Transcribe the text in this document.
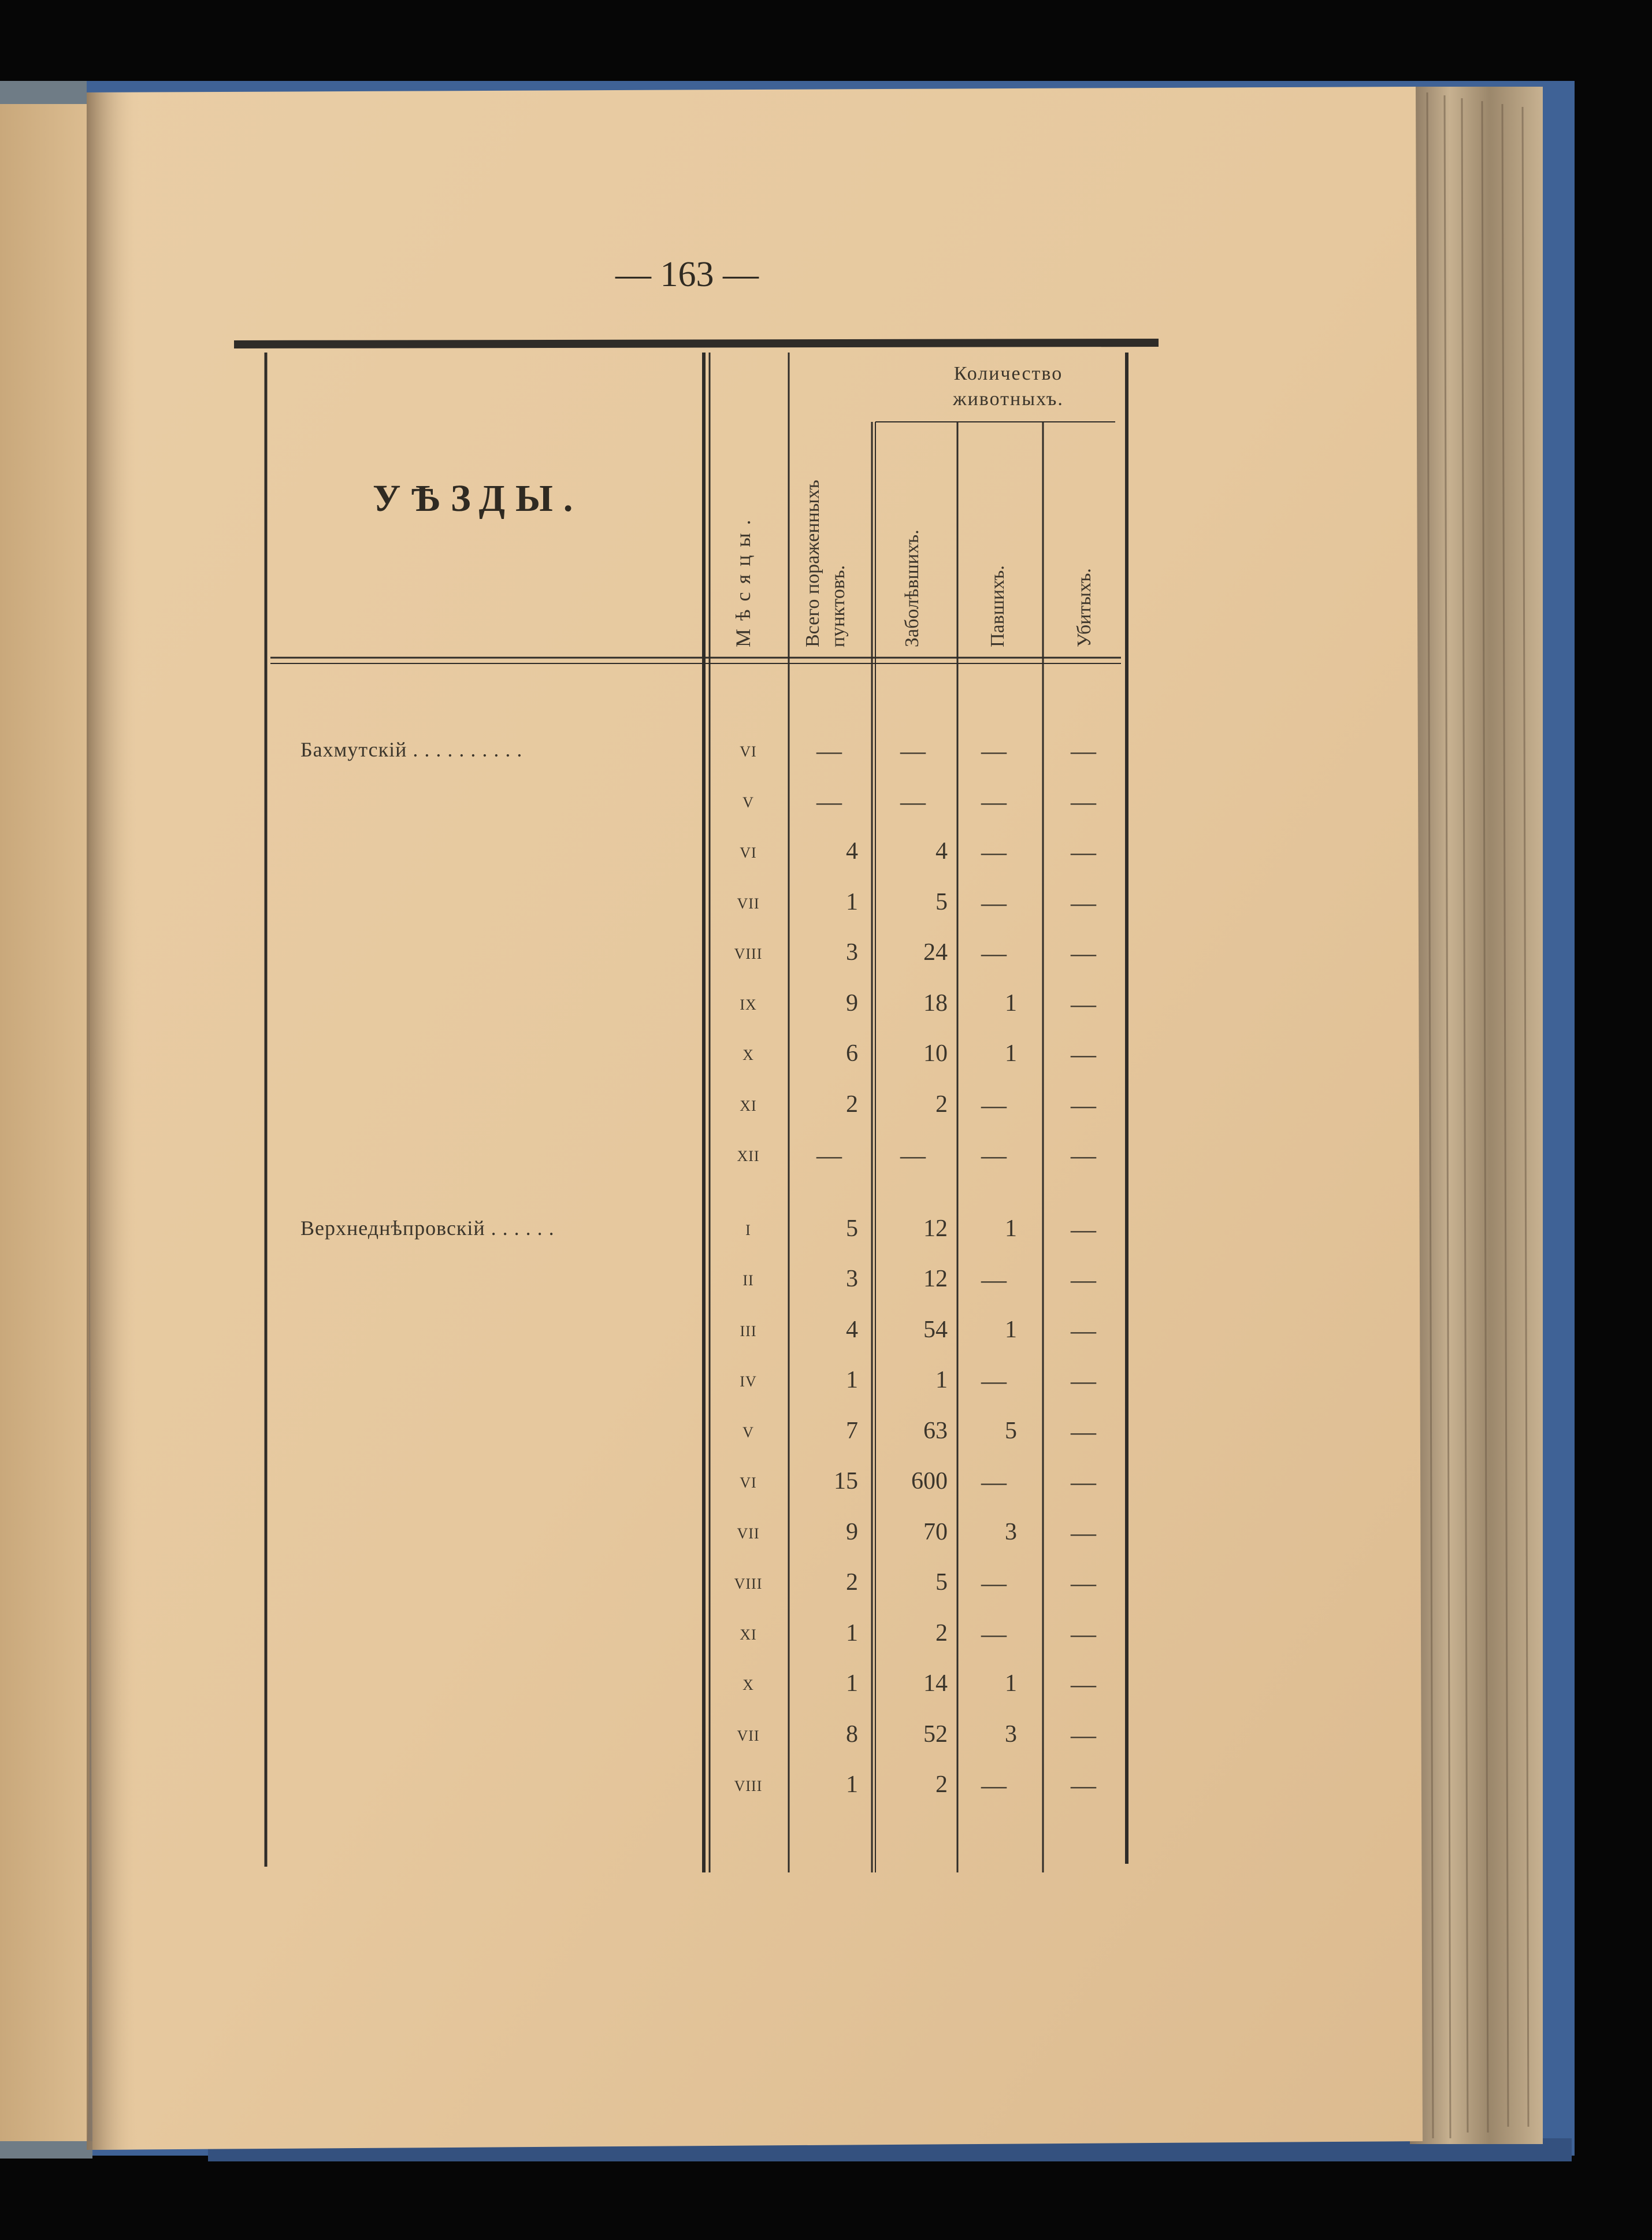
— 163 —
УѢЗДЫ.
Мѣсяцы. Всего пораженныхъ пунктовъ.
Количество животныхъ.
Заболѣвшихъ.	Павшихъ.	Убитыхъ.
Бахмутскій . . . . . . . . . .	VI	—	—	—	—
V	—	—	—	—
VI	4	4	—	—
VII	1	5	—	—
VIII	3	24	—	—
IX	9	18	1	—
X	6	10	1	—
XI	2	2	—	—
XII	—	—	—	—
Верхнеднѣпровскій . . . . . .	I	5	12	1	—
II	3	12	—	—
III	4	54	1	—
IV	1	1	—	—
V	7	63	5	—
VI	15	600	—	—
VII	9	70	3	—
VIII	2	5	—	—
XI	1	2	—	—
X	1	14	1	—
VII	8	52	3	—
VIII	1	2	—	—
